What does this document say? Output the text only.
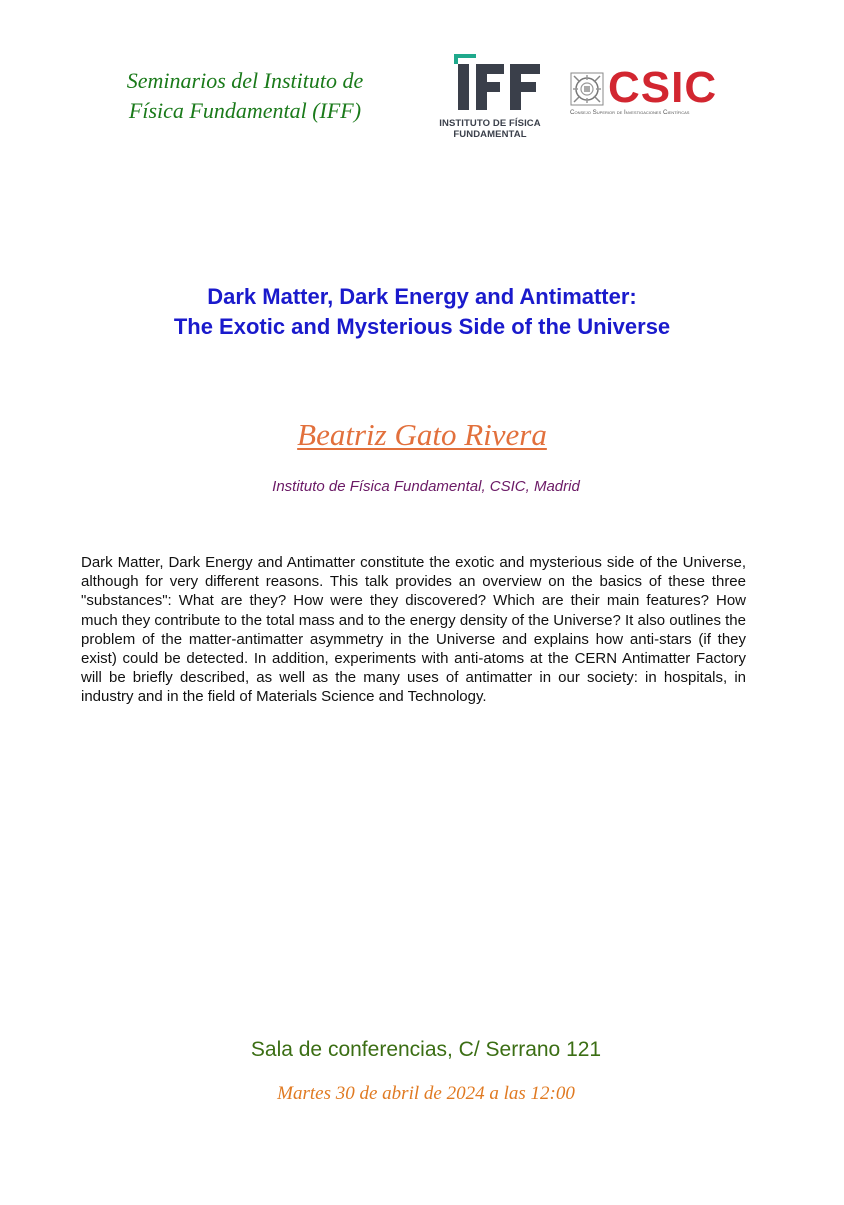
Seminarios del Instituto de
Física Fundamental (IFF)
INSTITUTO DE FÍSICA
FUNDAMENTAL
CSIC
Consejo Superior de Investigaciones Científicas
Dark Matter, Dark Energy and Antimatter:
The Exotic and Mysterious Side of the Universe
Beatriz Gato Rivera
Instituto de Física Fundamental, CSIC, Madrid
Dark Matter, Dark Energy and Antimatter constitute the exotic and mysterious side of the Universe, although for very different reasons. This talk provides an overview on the basics of these three "substances": What are they? How were they discovered? Which are their main features? How much they contribute to the total mass and to the energy density of the Universe? It also outlines the problem of the matter-antimatter asymmetry in the Universe and explains how anti-stars (if they exist) could be detected. In addition, experiments with anti-atoms at the CERN Antimatter Factory will be briefly described, as well as the many uses of antimatter in our society: in hospitals, in industry and in the field of Materials Science and Technology.
Sala de conferencias, C/ Serrano 121
Martes 30 de abril de 2024 a las 12:00
